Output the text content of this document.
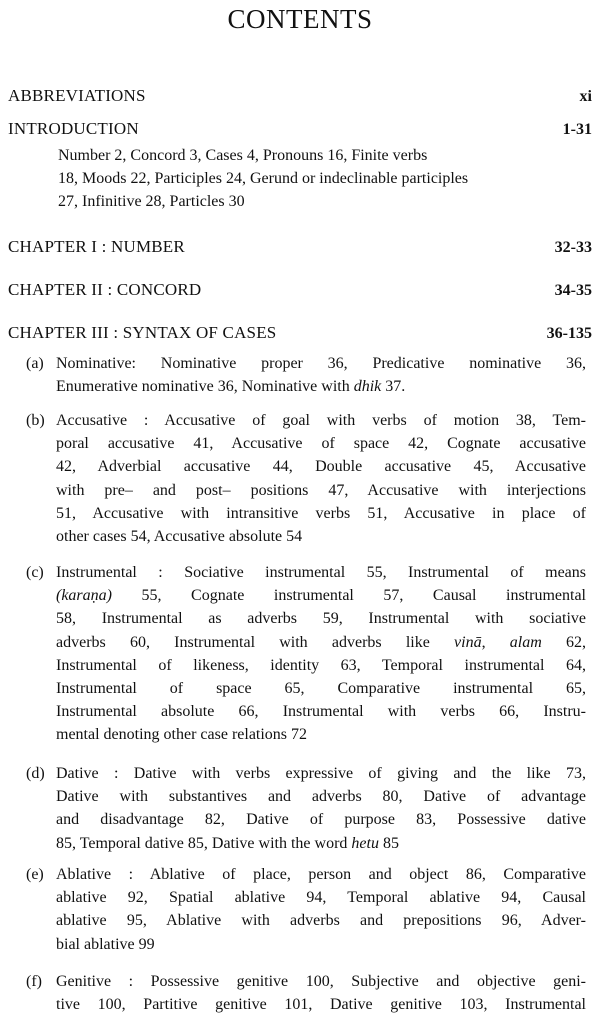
CONTENTS
ABBREVIATIONS	xi
INTRODUCTION	1-31
Number 2, Concord 3, Cases 4, Pronouns 16, Finite verbs
18, Moods 22, Participles 24, Gerund or indeclinable participles
27, Infinitive 28, Particles 30
CHAPTER I : NUMBER	32-33
CHAPTER II : CONCORD	34-35
CHAPTER III : SYNTAX OF CASES	36-135
(a) Nominative: Nominative proper 36, Predicative nominative 36,
Enumerative nominative 36, Nominative with dhik 37.
(b) Accusative : Accusative of goal with verbs of motion 38, Tem-
poral accusative 41, Accusative of space 42, Cognate accusative
42, Adverbial accusative 44, Double accusative 45, Accusative
with pre– and post– positions 47, Accusative with interjections
51, Accusative with intransitive verbs 51, Accusative in place of
other cases 54, Accusative absolute 54
(c) Instrumental : Sociative instrumental 55, Instrumental of means
(karaṇa) 55, Cognate instrumental 57, Causal instrumental
58, Instrumental as adverbs 59, Instrumental with sociative
adverbs 60, Instrumental with adverbs like vinā, alam 62,
Instrumental of likeness, identity 63, Temporal instrumental 64,
Instrumental of space 65, Comparative instrumental 65,
Instrumental absolute 66, Instrumental with verbs 66, Instru-
mental denoting other case relations 72
(d) Dative : Dative with verbs expressive of giving and the like 73,
Dative with substantives and adverbs 80, Dative of advantage
and disadvantage 82, Dative of purpose 83, Possessive dative
85, Temporal dative 85, Dative with the word hetu 85
(e) Ablative : Ablative of place, person and object 86, Comparative
ablative 92, Spatial ablative 94, Temporal ablative 94, Causal
ablative 95, Ablative with adverbs and prepositions 96, Adver-
bial ablative 99
(f) Genitive : Possessive genitive 100, Subjective and objective geni-
tive 100, Partitive genitive 101, Dative genitive 103, Instrumental
